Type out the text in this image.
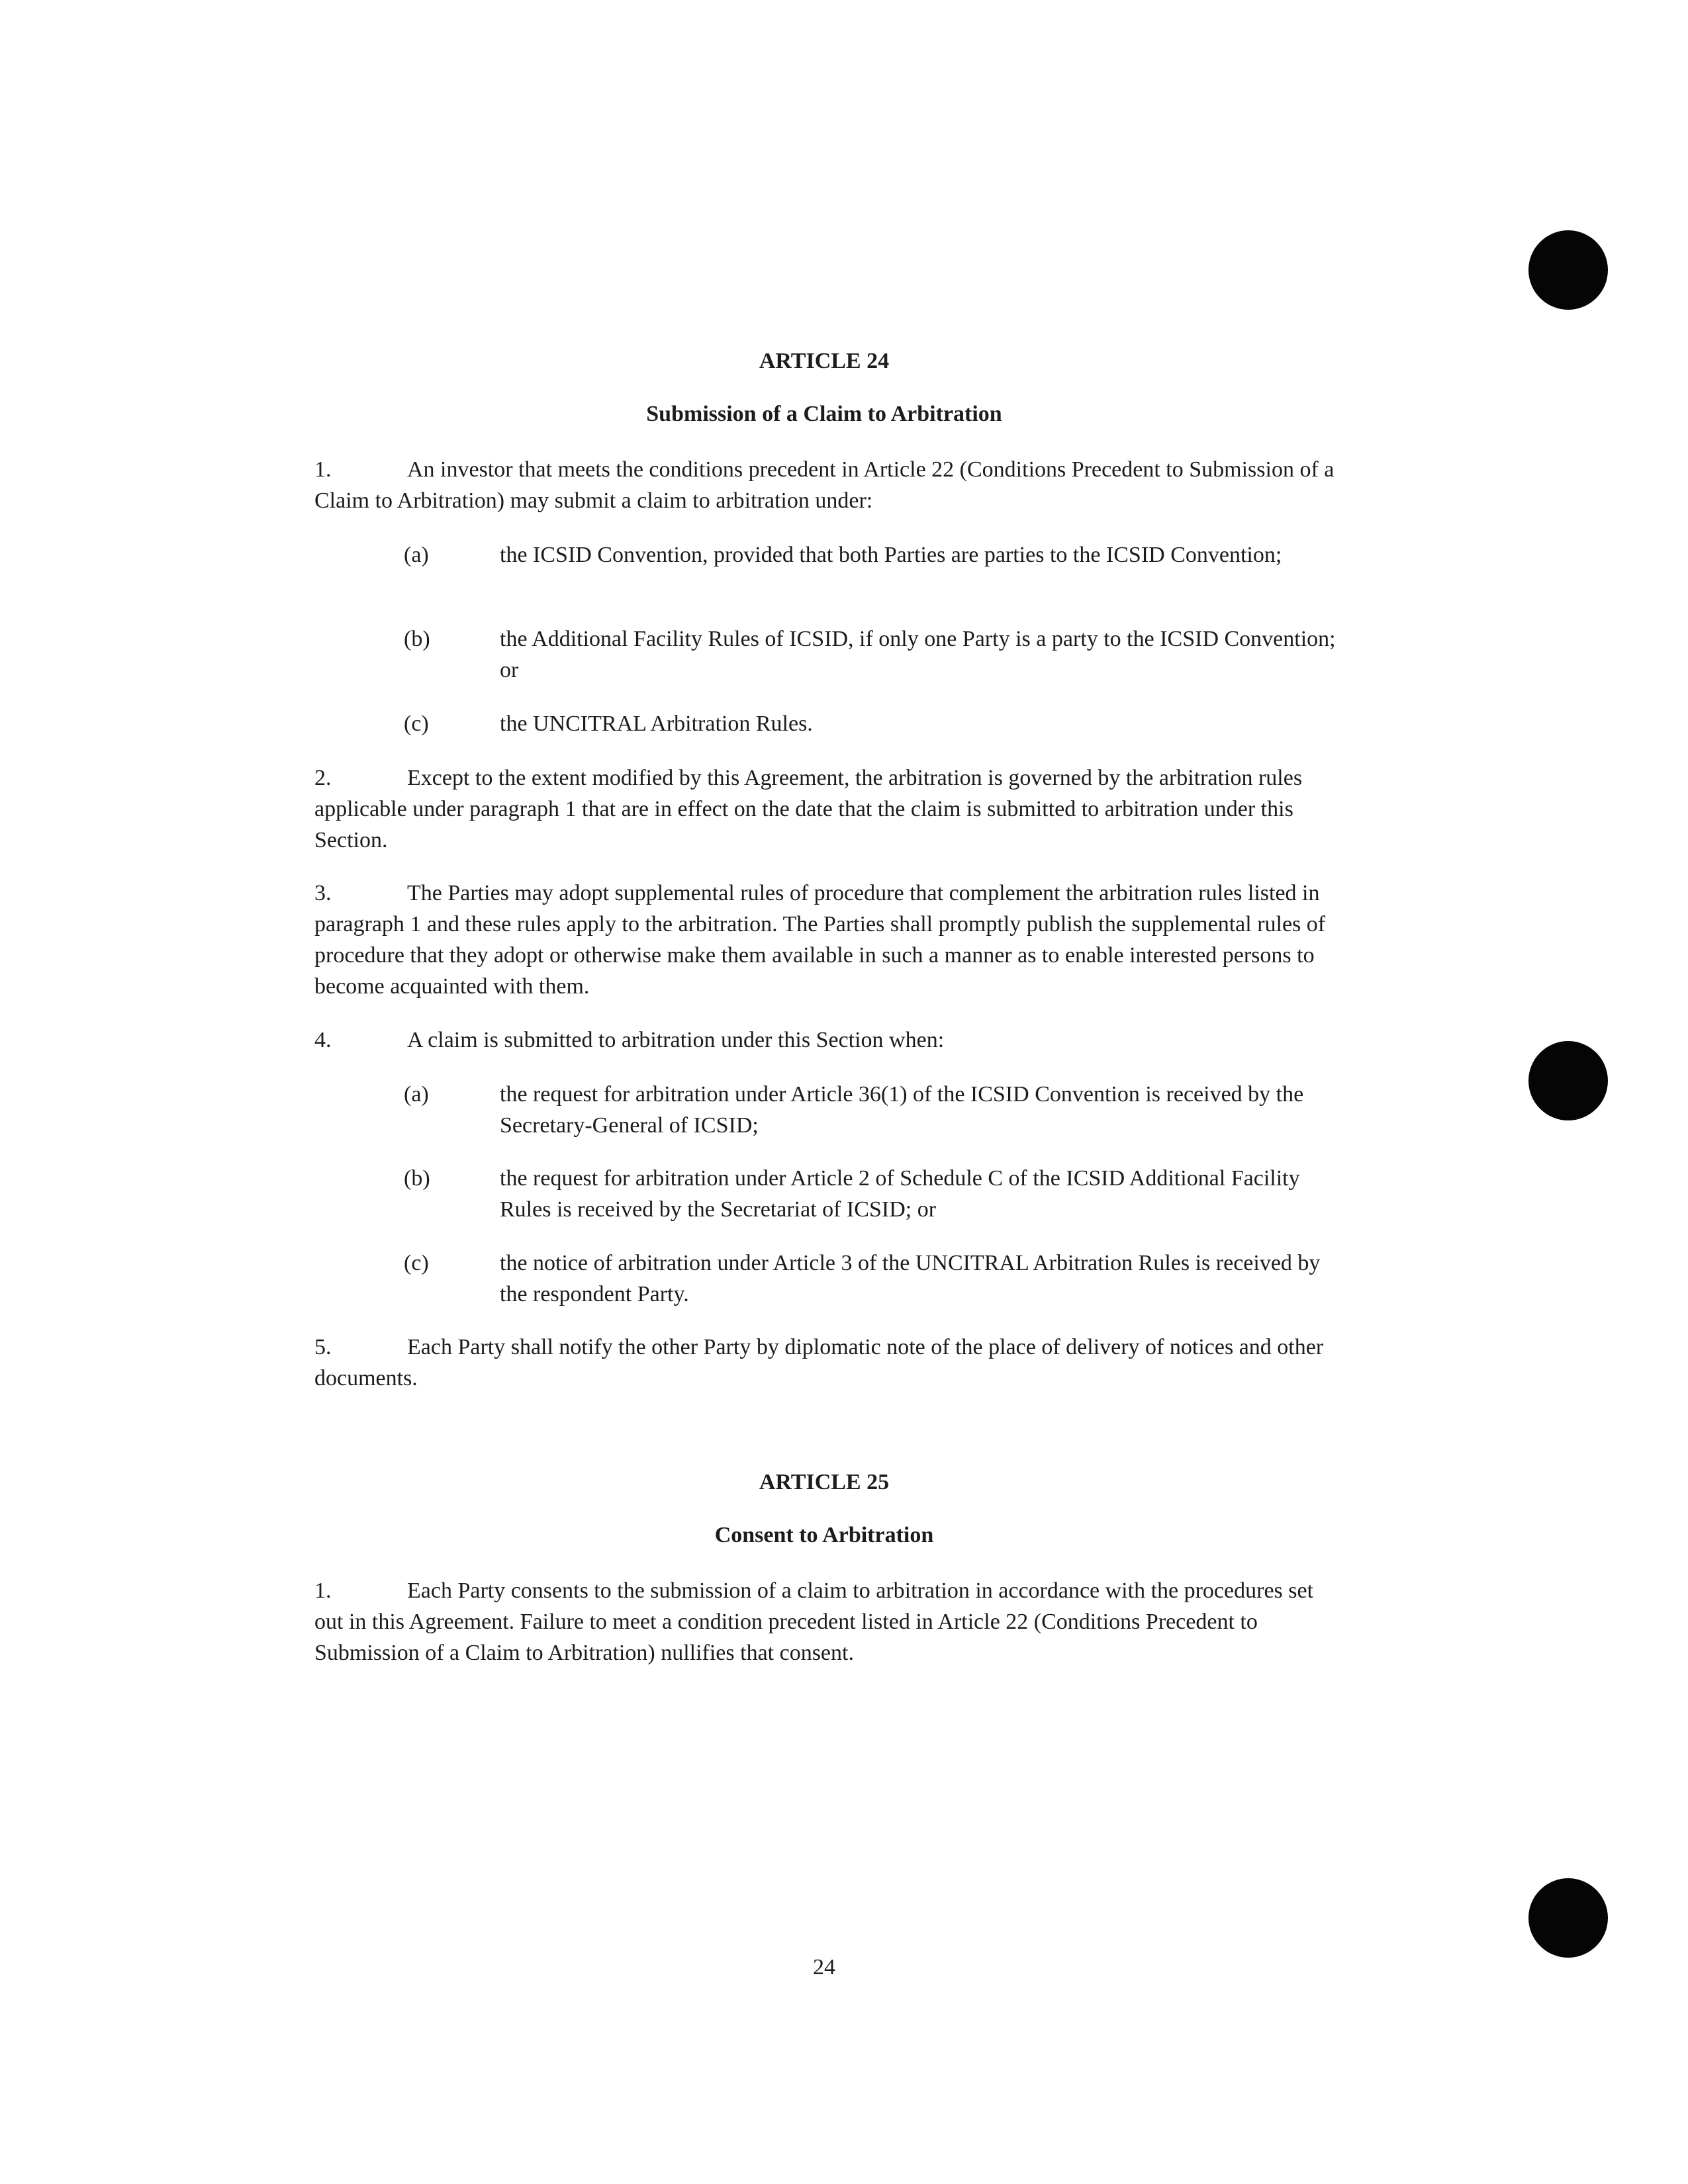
ARTICLE 24
Submission of a Claim to Arbitration
1.	An investor that meets the conditions precedent in Article 22 (Conditions Precedent to Submission of a Claim to Arbitration) may submit a claim to arbitration under:
(a)	the ICSID Convention, provided that both Parties are parties to the ICSID Convention;
(b)	the Additional Facility Rules of ICSID, if only one Party is a party to the ICSID Convention; or
(c)	the UNCITRAL Arbitration Rules.
2.	Except to the extent modified by this Agreement, the arbitration is governed by the arbitration rules applicable under paragraph 1 that are in effect on the date that the claim is submitted to arbitration under this Section.
3.	The Parties may adopt supplemental rules of procedure that complement the arbitration rules listed in paragraph 1 and these rules apply to the arbitration. The Parties shall promptly publish the supplemental rules of procedure that they adopt or otherwise make them available in such a manner as to enable interested persons to become acquainted with them.
4.	A claim is submitted to arbitration under this Section when:
(a)	the request for arbitration under Article 36(1) of the ICSID Convention is received by the Secretary-General of ICSID;
(b)	the request for arbitration under Article 2 of Schedule C of the ICSID Additional Facility Rules is received by the Secretariat of ICSID; or
(c)	the notice of arbitration under Article 3 of the UNCITRAL Arbitration Rules is received by the respondent Party.
5.	Each Party shall notify the other Party by diplomatic note of the place of delivery of notices and other documents.
ARTICLE 25
Consent to Arbitration
1.	Each Party consents to the submission of a claim to arbitration in accordance with the procedures set out in this Agreement. Failure to meet a condition precedent listed in Article 22 (Conditions Precedent to Submission of a Claim to Arbitration) nullifies that consent.
24
